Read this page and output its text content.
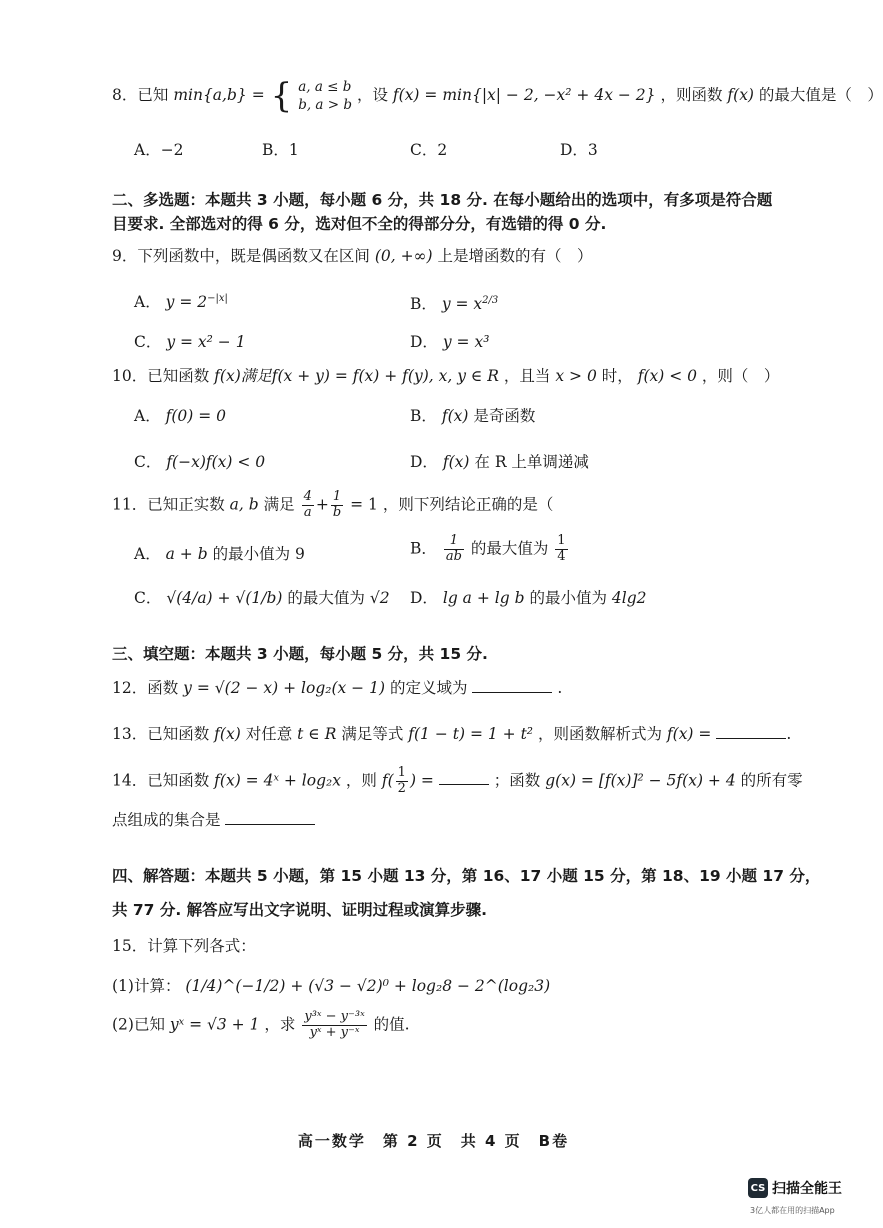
8．已知 min{a,b} = { a, a ≤ b
b, a > b
，设 f(x) = min{|x| − 2, −x² + 4x − 2} ，则函数 f(x) 的最大值是（　）
A．−2	B．1	C．2	D．3
二、多选题：本题共 3 小题，每小题 6 分，共 18 分. 在每小题给出的选项中，有多项是符合题
目要求. 全部选对的得 6 分，选对但不全的得部分分，有选错的得 0 分.
9．下列函数中，既是偶函数又在区间 (0, +∞) 上是增函数的有（　）
A． $y = 2^{-|x|}$	B． $y = x^{2/3}$
C． y = x² − 1	D． y = x³
10．已知函数 f(x)满足f(x + y) = f(x) + f(y), x, y ∈ R ，且当 x > 0 时， f(x) < 0 ，则（　）
A． f(0) = 0	B． f(x) 是奇函数
C． f(−x)f(x) < 0	D． f(x) 在 R 上单调递减
11．已知正实数 a, b 满足 $\frac{4}{a} + \frac{1}{b} = 1$ ，则下列结论正确的是（
A． a + b 的最小值为 9	B． $\frac{1}{ab}$ 的最大值为 $\frac{1}{4}$
C． √(4/a) + √(1/b) 的最大值为 √2 D． lg a + lg b 的最小值为 4lg2
三、填空题：本题共 3 小题，每小题 5 分，共 15 分.
12．函数 y = √(2 − x) + log₂(x − 1) 的定义域为	.
13．已知函数 f(x) 对任意 t ∈ R 满足等式 f(1 − t) = 1 + t² ，则函数解析式为 f(x) =	.
14．已知函数 f(x) = 4ˣ + log₂x ，则 $f( \frac{1}{2}$ ) =	；函数 g(x) = [f(x)]² − 5f(x) + 4 的所有零
点组成的集合是
四、解答题：本题共 5 小题，第 15 小题 13 分，第 16、17 小题 15 分，第 18、19 小题 17 分，
共 77 分. 解答应写出文字说明、证明过程或演算步骤.
15．计算下列各式：
(1)计算： (1/4)^(−1/2) + (√3 − √2)⁰ + log₂8 − 2^(log₂3)
(2)已知 yˣ = √3 + 1 ，求 $\frac{\text{y³ˣ − y⁻³ˣ}}{\text{yˣ + y⁻ˣ}}$ 的值.
高一数学　第 2 页　共 4 页　B卷
CS 扫描全能王
3亿人都在用的扫描App
